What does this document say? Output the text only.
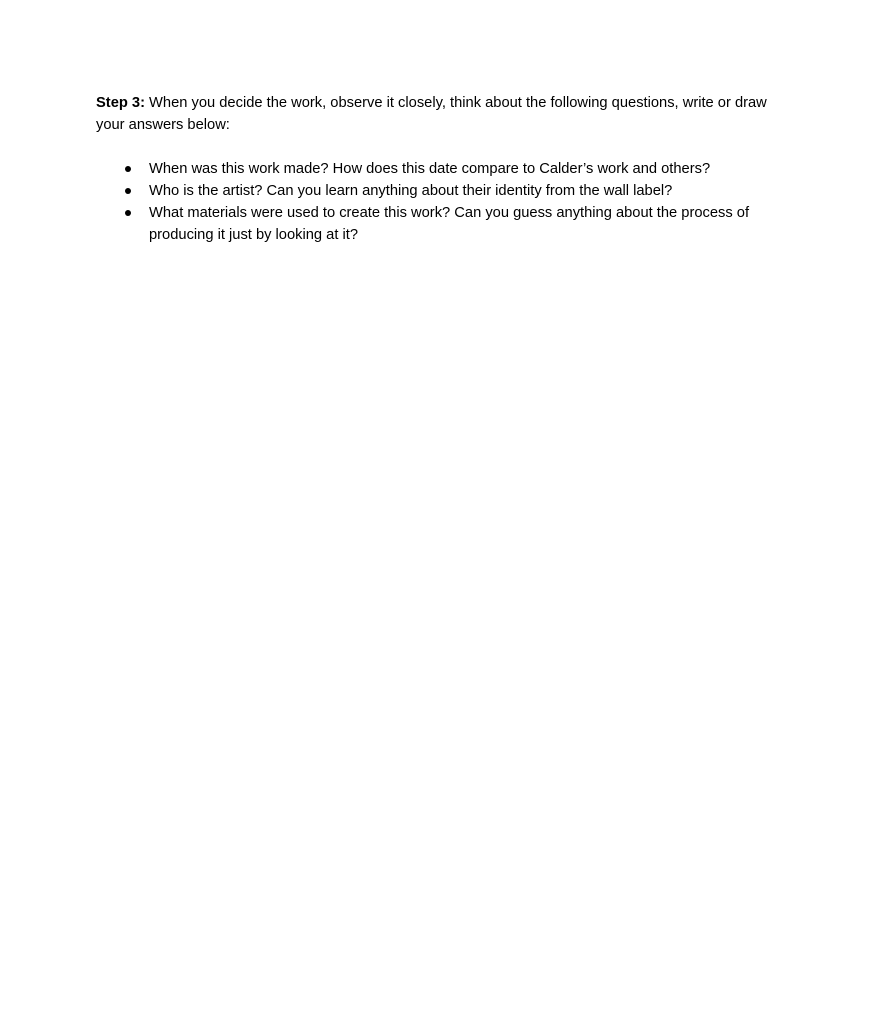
Step 3: When you decide the work, observe it closely, think about the following questions, write or draw your answers below:

When was this work made? How does this date compare to Calder’s work and others?
Who is the artist? Can you learn anything about their identity from the wall label?
What materials were used to create this work? Can you guess anything about the process of producing it just by looking at it?
